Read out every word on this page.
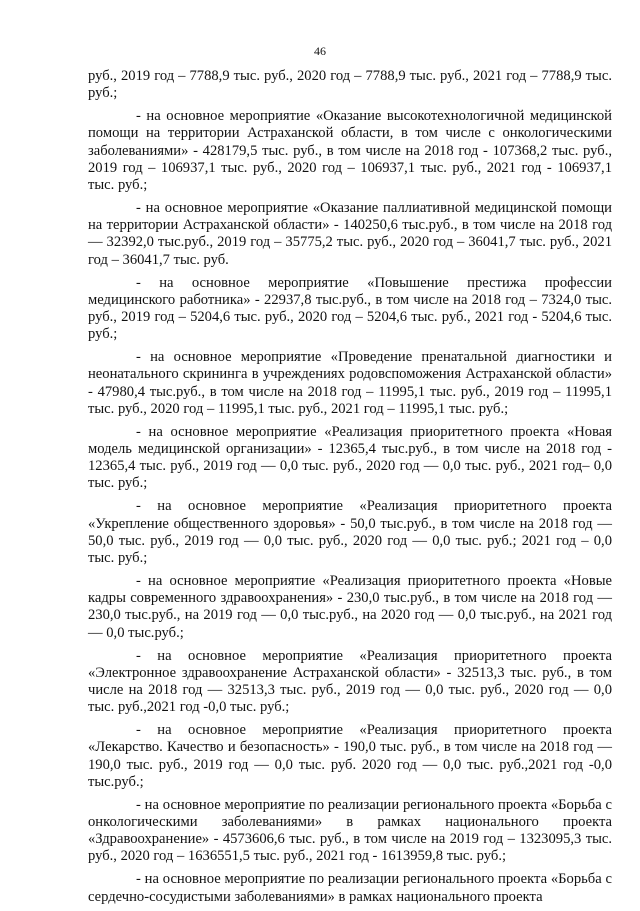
46

руб., 2019 год – 7788,9 тыс. руб., 2020 год – 7788,9 тыс. руб., 2021 год – 7788,9 тыс. руб.;

- на основное мероприятие «Оказание высокотехнологичной медицинской помощи на территории Астраханской области, в том числе с онкологическими заболеваниями» - 428179,5 тыс. руб., в том числе на 2018 год - 107368,2 тыс. руб., 2019 год – 106937,1 тыс. руб., 2020 год – 106937,1 тыс. руб., 2021 год - 106937,1 тыс. руб.;

- на основное мероприятие «Оказание паллиативной медицинской помощи на территории Астраханской области» - 140250,6 тыс.руб., в том числе на 2018 год — 32392,0 тыс.руб., 2019 год – 35775,2 тыс. руб., 2020 год – 36041,7 тыс. руб., 2021 год – 36041,7 тыс. руб.

- на основное мероприятие «Повышение престижа профессии медицинского работника» - 22937,8 тыс.руб., в том числе на 2018 год – 7324,0 тыс. руб., 2019 год – 5204,6 тыс. руб., 2020 год – 5204,6 тыс. руб., 2021 год - 5204,6 тыс. руб.;

- на основное мероприятие «Проведение пренатальной диагностики и неонатального скрининга в учреждениях родовспоможения Астраханской области» - 47980,4 тыс.руб., в том числе на 2018 год – 11995,1 тыс. руб., 2019 год – 11995,1 тыс. руб., 2020 год – 11995,1 тыс. руб., 2021 год – 11995,1 тыс. руб.;

- на основное мероприятие «Реализация приоритетного проекта «Новая модель медицинской организации» - 12365,4 тыс.руб., в том числе на 2018 год - 12365,4 тыс. руб., 2019 год — 0,0 тыс. руб., 2020 год — 0,0 тыс. руб., 2021 год– 0,0 тыс. руб.;

- на основное мероприятие «Реализация приоритетного проекта «Укрепление общественного здоровья» - 50,0 тыс.руб., в том числе на 2018 год — 50,0 тыс. руб., 2019 год — 0,0 тыс. руб., 2020 год — 0,0 тыс. руб.; 2021 год – 0,0 тыс. руб.;

- на основное мероприятие «Реализация приоритетного проекта «Новые кадры современного здравоохранения» - 230,0 тыс.руб., в том числе на 2018 год — 230,0 тыс.руб., на 2019 год — 0,0 тыс.руб., на 2020 год — 0,0 тыс.руб., на 2021 год — 0,0 тыс.руб.;

- на основное мероприятие «Реализация приоритетного проекта «Электронное здравоохранение Астраханской области» - 32513,3 тыс. руб., в том числе на 2018 год — 32513,3 тыс. руб., 2019 год — 0,0 тыс. руб., 2020 год — 0,0 тыс. руб.,2021 год -0,0 тыс. руб.;

- на основное мероприятие «Реализация приоритетного проекта «Лекарство. Качество и безопасность» - 190,0 тыс. руб., в том числе на 2018 год — 190,0 тыс. руб., 2019 год — 0,0 тыс. руб. 2020 год — 0,0 тыс. руб.,2021 год -0,0 тыс.руб.;

- на основное мероприятие по реализации регионального проекта «Борьба с онкологическими заболеваниями» в рамках национального проекта «Здравоохранение» - 4573606,6 тыс. руб., в том числе на 2019 год – 1323095,3 тыс. руб., 2020 год – 1636551,5 тыс. руб., 2021 год - 1613959,8 тыс. руб.;

- на основное мероприятие по реализации регионального проекта «Борьба с сердечно-сосудистыми заболеваниями» в рамках национального проекта
